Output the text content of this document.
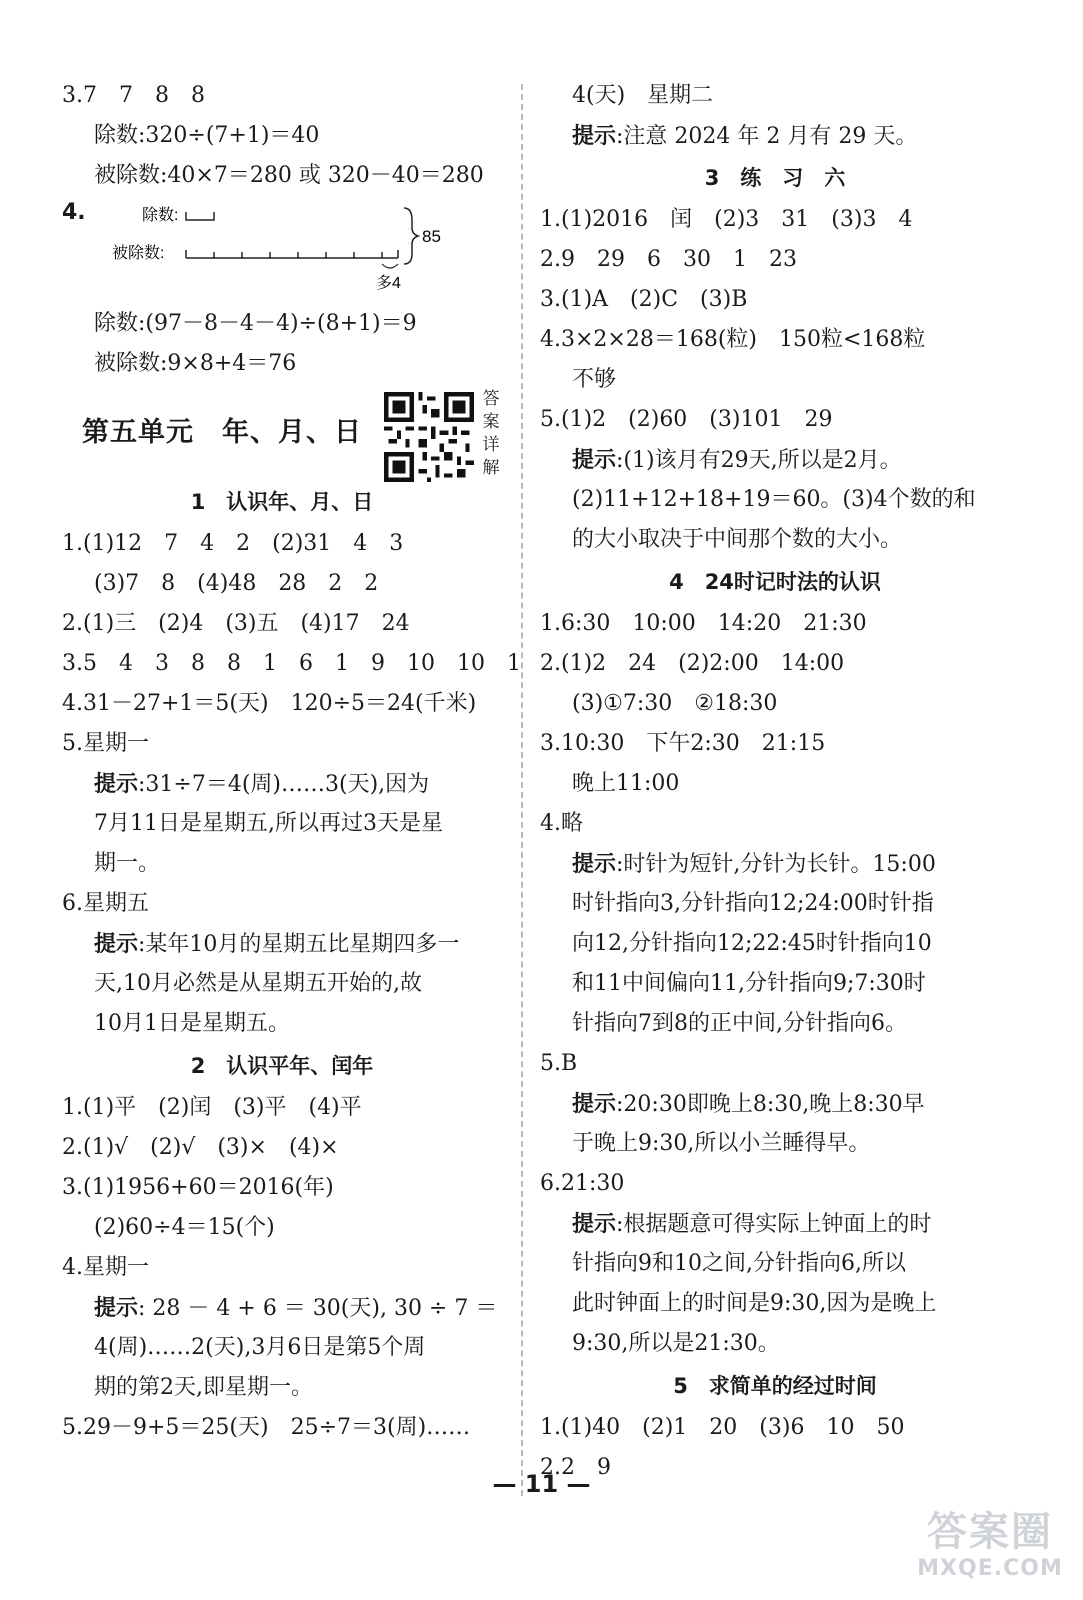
3.7　7　8　8
除数:320÷(7+1)＝40
被除数:40×7＝280 或 320－40＝280
4.	除数:
被除数:
多4
85
除数:(97－8－4－4)÷(8+1)＝9
被除数:9×8+4＝76
第五单元　年、月、日
答
案
详
解
1　认识年、月、日
1.(1)12　7　4　2　(2)31　4　3
(3)7　8　(4)48　28　2　2
2.(1)三　(2)4　(3)五　(4)17　24
3.5　4　3　8　8　1　6　1　9　10　10　1
4.31－27+1＝5(天)　120÷5＝24(千米)
5.星期一
提示:31÷7＝4(周)……3(天),因为
7月11日是星期五,所以再过3天是星
期一。
6.星期五
提示:某年10月的星期五比星期四多一
天,10月必然是从星期五开始的,故
10月1日是星期五。
2　认识平年、闰年
1.(1)平　(2)闰　(3)平　(4)平
2.(1)√　(2)√　(3)×　(4)×
3.(1)1956+60＝2016(年)
(2)60÷4＝15(个)
4.星期一
提示: 28 － 4 + 6 ＝ 30(天), 30 ÷ 7 ＝
4(周)……2(天),3月6日是第5个周
期的第2天,即星期一。
5.29－9+5＝25(天)　25÷7＝3(周)……
4(天)　星期二
提示:注意 2024 年 2 月有 29 天。
3　练　习　六
1.(1)2016　闰　(2)3　31　(3)3　4
2.9　29　6　30　1　23
3.(1)A　(2)C　(3)B
4.3×2×28＝168(粒)　150粒<168粒
不够
5.(1)2　(2)60　(3)101　29
提示:(1)该月有29天,所以是2月。
(2)11+12+18+19＝60。(3)4个数的和
的大小取决于中间那个数的大小。
4　24时记时法的认识
1.6:30　10:00　14:20　21:30
2.(1)2　24　(2)2:00　14:00
(3)①7:30　②18:30
3.10:30　下午2:30　21:15
晚上11:00
4.略
提示:时针为短针,分针为长针。15:00
时针指向3,分针指向12;24:00时针指
向12,分针指向12;22:45时针指向10
和11中间偏向11,分针指向9;7:30时
针指向7到8的正中间,分针指向6。
5.B
提示:20:30即晚上8:30,晚上8:30早
于晚上9:30,所以小兰睡得早。
6.21:30
提示:根据题意可得实际上钟面上的时
针指向9和10之间,分针指向6,所以
此时钟面上的时间是9:30,因为是晚上
9:30,所以是21:30。
5　求简单的经过时间
1.(1)40　(2)1　20　(3)6　10　50
2.2　9
— 11 —
答案圈
MXQE.COM
